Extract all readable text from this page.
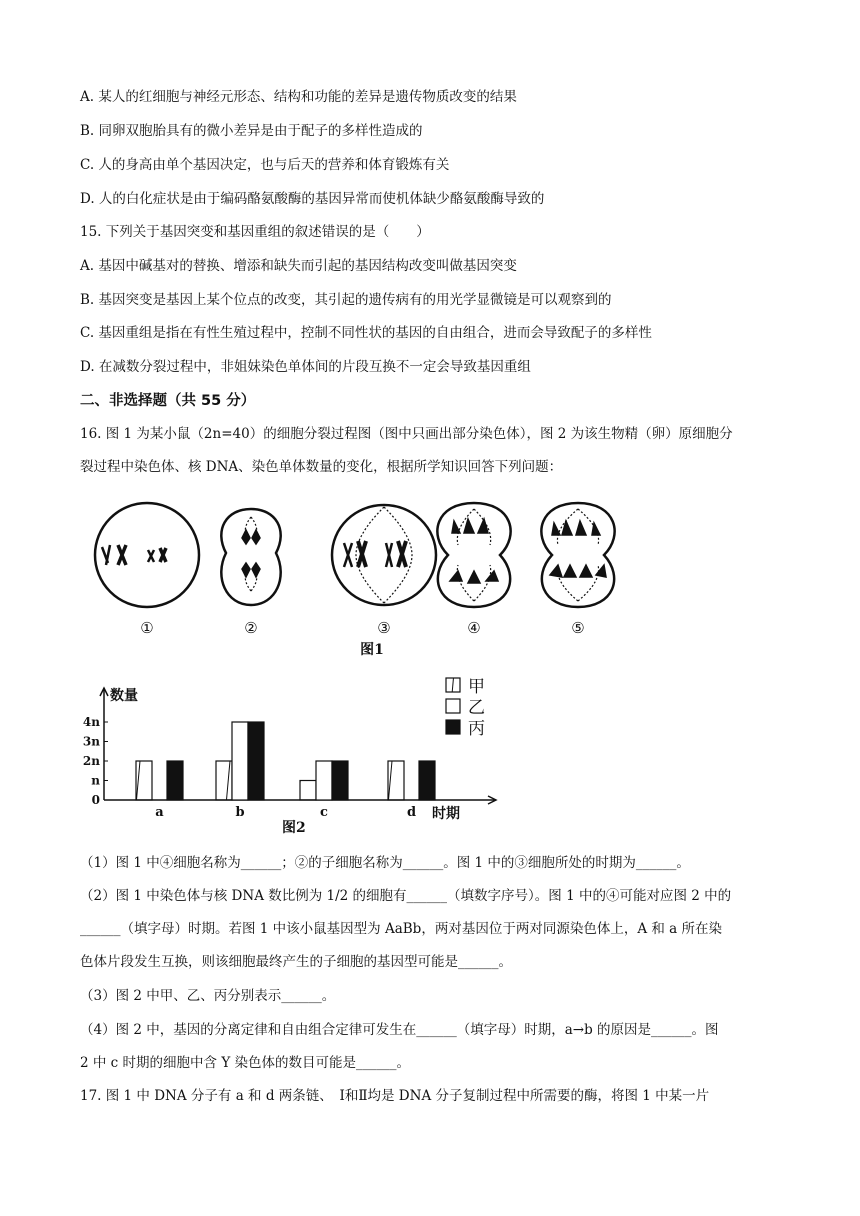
A. 某人的红细胞与神经元形态、结构和功能的差异是遗传物质改变的结果
B. 同卵双胞胎具有的微小差异是由于配子的多样性造成的
C. 人的身高由单个基因决定，也与后天的营养和体育锻炼有关
D. 人的白化症状是由于编码酪氨酸酶的基因异常而使机体缺少酪氨酸酶导致的
15. 下列关于基因突变和基因重组的叙述错误的是（　　）
A. 基因中碱基对的替换、增添和缺失而引起的基因结构改变叫做基因突变
B. 基因突变是基因上某个位点的改变，其引起的遗传病有的用光学显微镜是可以观察到的
C. 基因重组是指在有性生殖过程中，控制不同性状的基因的自由组合，进而会导致配子的多样性
D. 在减数分裂过程中，非姐妹染色单体间的片段互换不一定会导致基因重组
二、非选择题（共 55 分）
16. 图 1 为某小鼠（2n=40）的细胞分裂过程图（图中只画出部分染色体），图 2 为该生物精（卵）原细胞分
裂过程中染色体、核 DNA、染色单体数量的变化，根据所学知识回答下列问题：
①	②	③	④	⑤
图1
0
n
2n
3n
4n
a	b	c	d
甲
乙
丙
数量
时期
图2
（1）图 1 中④细胞名称为______；②的子细胞名称为______。图 1 中的③细胞所处的时期为______。
（2）图 1 中染色体与核 DNA 数比例为 1/2 的细胞有______（填数字序号）。图 1 中的④可能对应图 2 中的
______（填字母）时期。若图 1 中该小鼠基因型为 AaBb，两对基因位于两对同源染色体上，A 和 a 所在染
色体片段发生互换，则该细胞最终产生的子细胞的基因型可能是______。
（3）图 2 中甲、乙、丙分别表示______。
（4）图 2 中，基因的分离定律和自由组合定律可发生在______（填字母）时期，a→b 的原因是______。图
2 中 c 时期的细胞中含 Y 染色体的数目可能是______。
17. 图 1 中 DNA 分子有 a 和 d 两条链、　Ⅰ和Ⅱ均是 DNA 分子复制过程中所需要的酶，将图 1 中某一片
